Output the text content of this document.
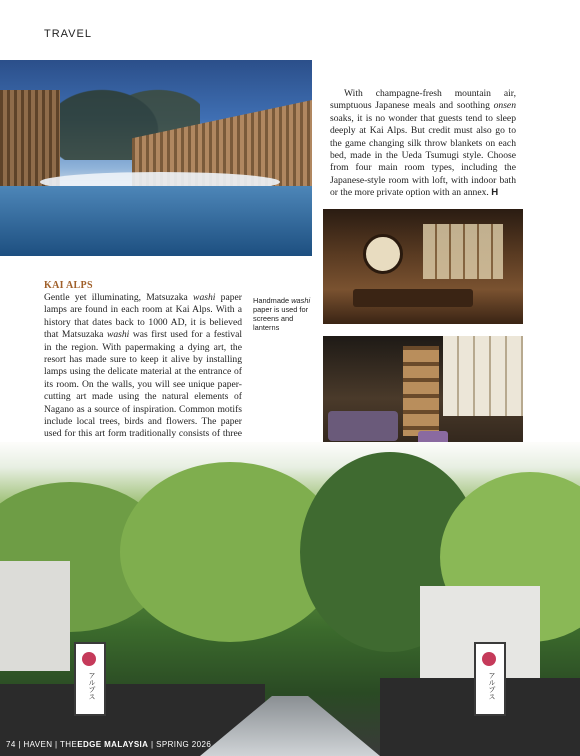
TRAVEL

With champagne-fresh mountain air, sumptuous Japanese meals and soothing onsen soaks, it is no wonder that guests tend to sleep deeply at Kai Alps. But credit must also go to the game changing silk throw blankets on each bed, made in the Ueda Tsumugi style. Choose from four main room types, including the Japanese-style room with loft, with indoor bath or the more private option with an annex. H

KAI ALPS

Gentle yet illuminating, Matsuzaka washi paper lamps are found in each room at Kai Alps. With a history that dates back to 1000 AD, it is believed that Matsuzaka washi was first used for a festival in the region. With papermaking a dying art, the resort has made sure to keep it alive by installing lamps using the delicate material at the entrance of its room. On the walls, you will see unique paper-cutting art made using the natural elements of Nagano as a source of inspiration. Common motifs include local trees, birds and flowers. The paper used for this art form traditionally consists of three

Handmade washi paper is used for screens and lanterns
アルプス	アルプス
74 | HAVEN | THEEDGE MALAYSIA | SPRING 2026
